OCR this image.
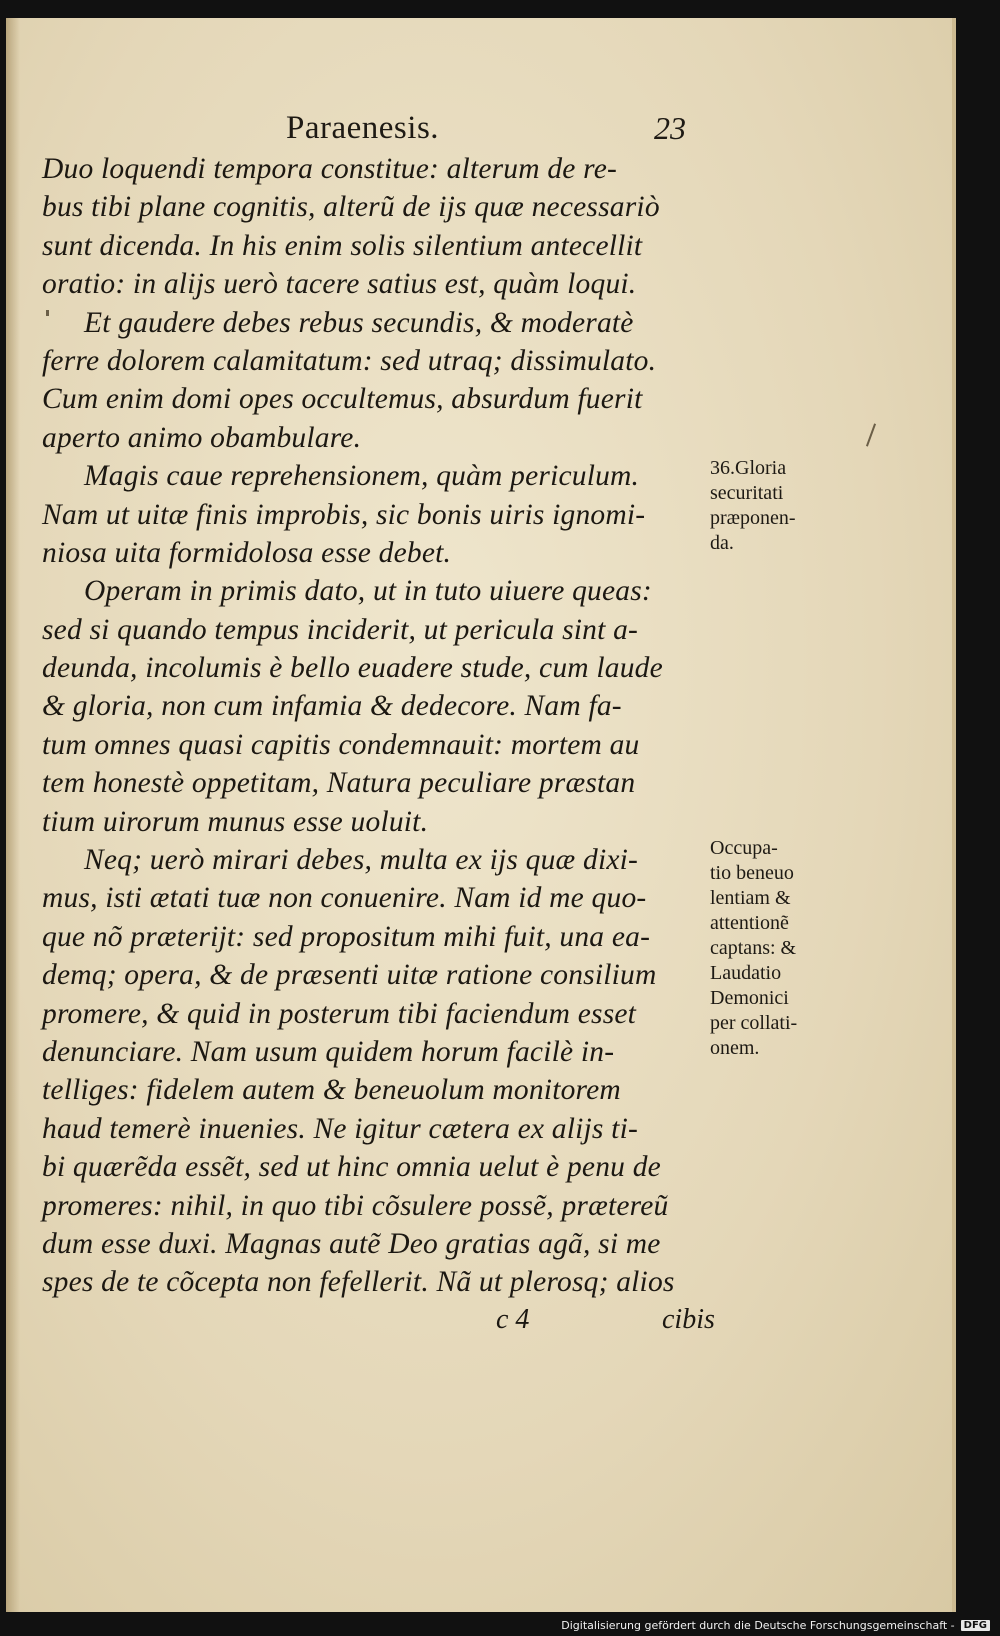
Paraenesis.	23
Duo loquendi tempora constitue: alterum de re-
bus tibi plane cognitis, alterũ de ijs quæ necessariò
sunt dicenda. In his enim solis silentium antecellit
oratio: in alijs uerò tacere satius est, quàm loqui.
Et gaudere debes rebus secundis, & moderatè
ferre dolorem calamitatum: sed utraq; dissimulato.
Cum enim domi opes occultemus, absurdum fuerit
aperto animo obambulare.
Magis caue reprehensionem, quàm periculum.
Nam ut uitæ finis improbis, sic bonis uiris ignomi-
niosa uita formidolosa esse debet.
Operam in primis dato, ut in tuto uiuere queas:
sed si quando tempus inciderit, ut pericula sint a-
deunda, incolumis è bello euadere stude, cum laude
& gloria, non cum infamia & dedecore. Nam fa-
tum omnes quasi capitis condemnauit: mortem au
tem honestè oppetitam, Natura peculiare præstan
tium uirorum munus esse uoluit.
Neq; uerò mirari debes, multa ex ijs quæ dixi-
mus, isti ætati tuæ non conuenire. Nam id me quo-
que nõ præterijt: sed propositum mihi fuit, una ea-
demq; opera, & de præsenti uitæ ratione consilium
promere, & quid in posterum tibi faciendum esset
denunciare. Nam usum quidem horum facilè in-
telliges: fidelem autem & beneuolum monitorem
haud temerè inuenies. Ne igitur cætera ex alijs ti-
bi quærẽda essẽt, sed ut hinc omnia uelut è penu de
promeres: nihil, in quo tibi cõsulere possẽ, prætereũ
dum esse duxi. Magnas autẽ Deo gratias agã, si me
spes de te cõcepta non fefellerit. Nã ut plerosq; alios
36.Gloria
securitati
præponen-
da.
Occupa-
tio beneuo
lentiam &
attentionẽ
captans: &
Laudatio
Demonici
per collati-
onem.
c 4	cibis
Digitalisierung gefördert durch die Deutsche Forschungsgemeinschaft - DFG
